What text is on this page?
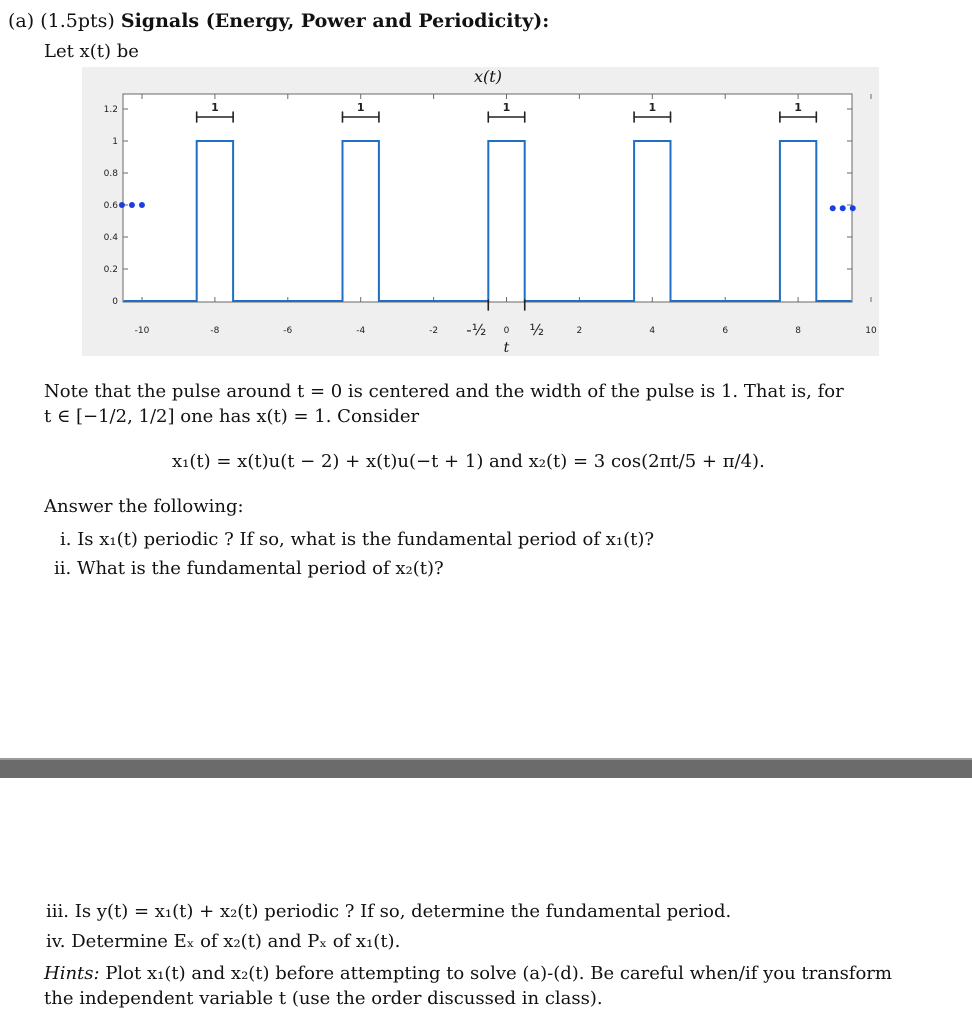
(a) (1.5pts) Signals (Energy, Power and Periodicity):
Let x(t) be
x(t)
-10	-8	-6	-4	-2	0	2	4	6	8	10
0
0.2
0.4
0.6
0.8
1
1.2
t
1	1	1	1	1
-½	½
Note that the pulse around t = 0 is centered and the width of the pulse is 1. That is, for
t ∈ [−1/2, 1/2] one has x(t) = 1. Consider
x₁(t) = x(t)u(t − 2) + x(t)u(−t + 1) and x₂(t) = 3 cos(2πt/5 + π/4).
Answer the following:
i. Is x₁(t) periodic ? If so, what is the fundamental period of x₁(t)?
ii. What is the fundamental period of x₂(t)?
iii. Is y(t) = x₁(t) + x₂(t) periodic ? If so, determine the fundamental period.
iv. Determine Eₓ of x₂(t) and Pₓ of x₁(t).
Hints: Plot x₁(t) and x₂(t) before attempting to solve (a)-(d). Be careful when/if you transform
the independent variable t (use the order discussed in class).
